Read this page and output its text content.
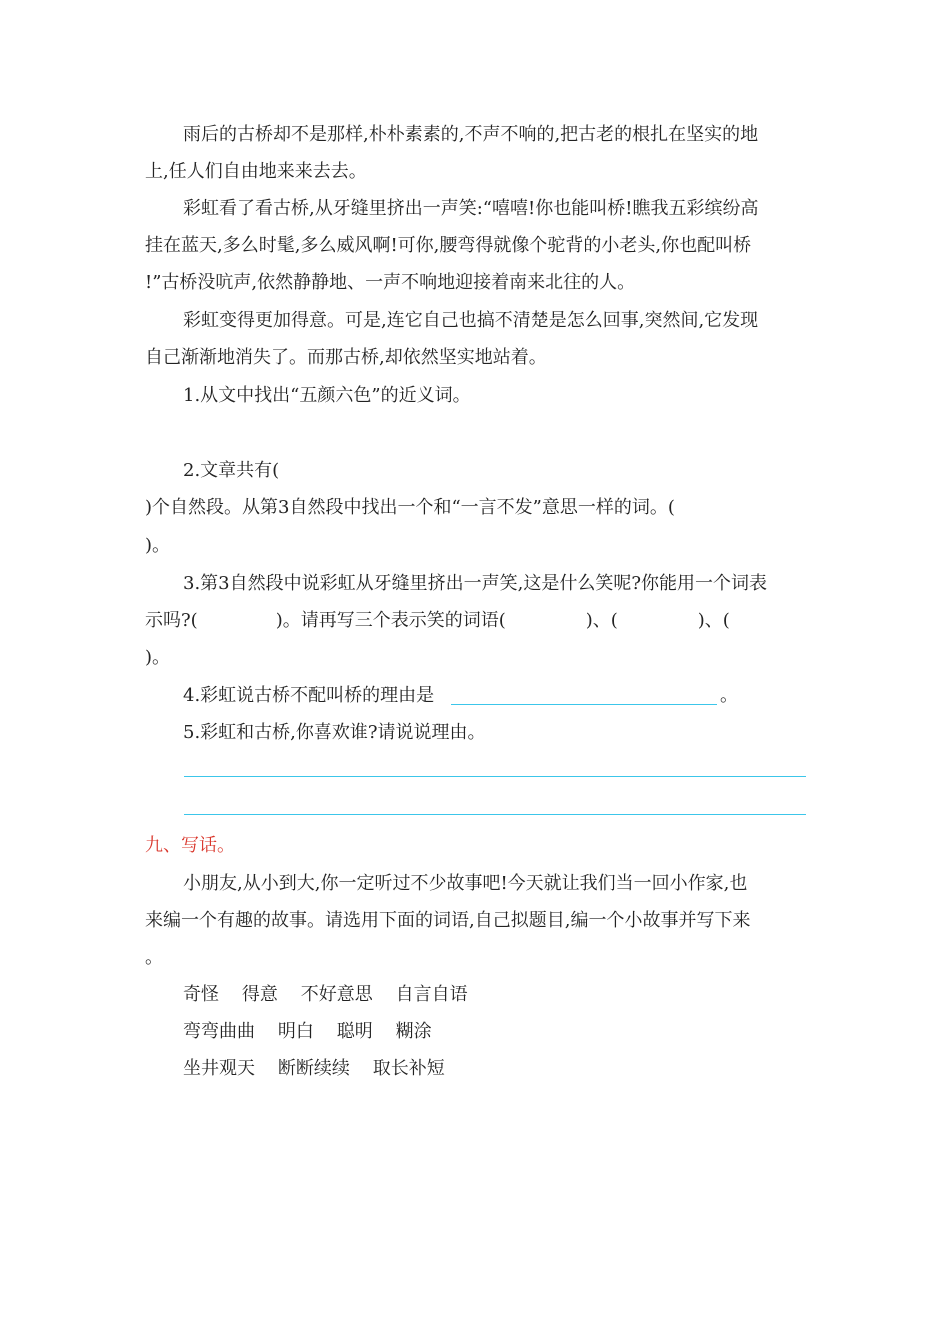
雨后的古桥却不是那样,朴朴素素的,不声不响的,把古老的根扎在坚实的地
上,任人们自由地来来去去。
彩虹看了看古桥,从牙缝里挤出一声笑:“嘻嘻!你也能叫桥!瞧我五彩缤纷高
挂在蓝天,多么时髦,多么威风啊!可你,腰弯得就像个驼背的小老头,你也配叫桥
!”古桥没吭声,依然静静地、一声不响地迎接着南来北往的人。
彩虹变得更加得意。可是,连它自己也搞不清楚是怎么回事,突然间,它发现
自己渐渐地消失了。而那古桥,却依然坚实地站着。
1.从文中找出“五颜六色”的近义词。
2.文章共有(
)个自然段。从第3自然段中找出一个和“一言不发”意思一样的词。(
)。
3.第3自然段中说彩虹从牙缝里挤出一声笑,这是什么笑呢?你能用一个词表
示吗?(	)。请再写三个表示笑的词语(	)、(	)、(
)。
4.彩虹说古桥不配叫桥的理由是	。
5.彩虹和古桥,你喜欢谁?请说说理由。
九、写话。
小朋友,从小到大,你一定听过不少故事吧!今天就让我们当一回小作家,也
来编一个有趣的故事。请选用下面的词语,自己拟题目,编一个小故事并写下来
。
奇怪    得意    不好意思    自言自语
弯弯曲曲    明白    聪明    糊涂
坐井观天    断断续续    取长补短
